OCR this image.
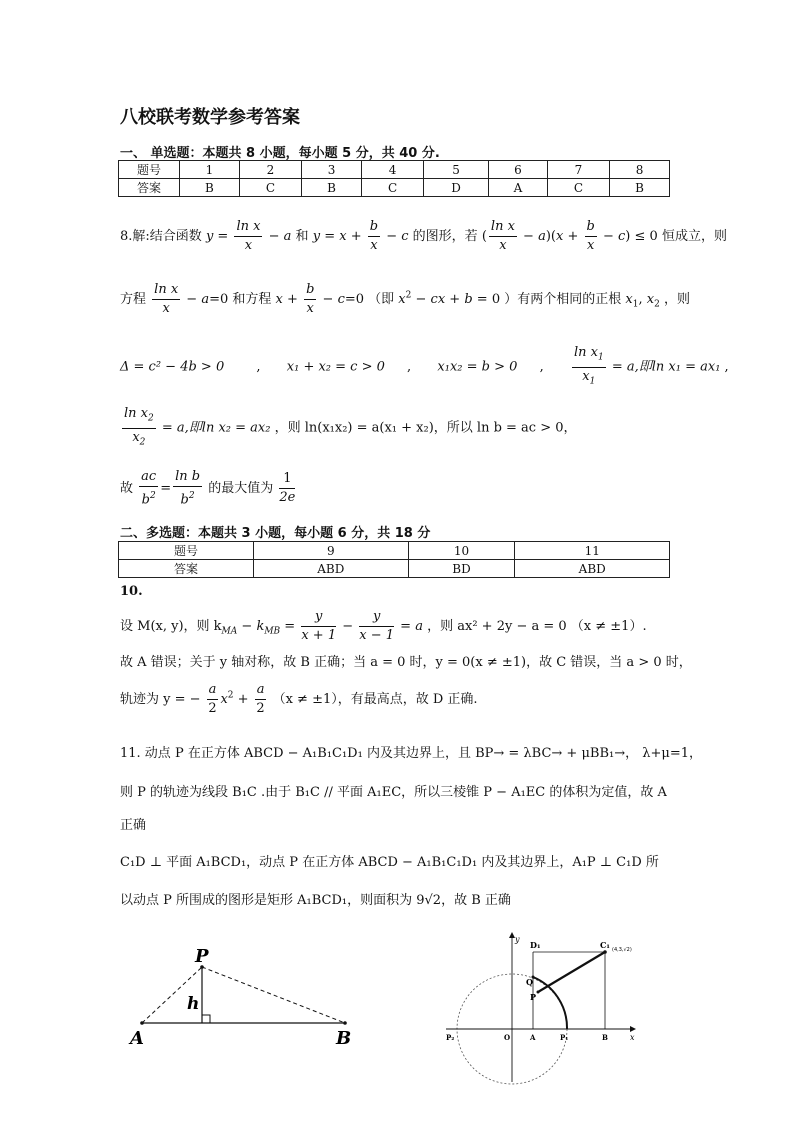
八校联考数学参考答案
一、 单选题：本题共 8 小题，每小题 5 分，共 40 分.
题号	1	2	3	4	5	6	7	8
答案	B	C	B	C	D	A	C	B
8.解:结合函数 $y = \frac{\text{ln x}}{x} - a$ 和 $y = x + \frac{b}{x} - c$ 的图形，若 ( $\frac{\text{ln x}}{x} - a)(x + \frac{b}{x} - c) \le 0$ 恒成立，则
方程 $\frac{\text{ln x}}{x} - a=0$ 和方程 $x + \frac{b}{x} - c=0$ （即 $x^2$ − cx + b = 0 ）有两个相同的正根 $x_1$, $x_2$ ，则
Δ = c² − 4b > 0 ,  x₁ + x₂ = c > 0 ,  x₁x₂ = b > 0 , $\frac{\ln x_1}{x_1} = a$,即ln x₁ = ax₁ ,
$\frac{\ln x_2}{x_2} = a$,即ln x₂ = ax₂ ，则 ln(x₁x₂) = a(x₁ + x₂)，所以 ln b = ac > 0，
故 $\frac{ac}{b^2} = \frac{\text{ln b}}{b^2}$ 的最大值为 $\frac{1}{2e}$
二、多选题：本题共 3 小题，每小题 6 分，共 18 分
题号	9	10	11
答案	ABD	BD	ABD
10.
设 M(x, y)，则 $k_{MA} - k_{MB} = \frac{y}{x + 1} - \frac{y}{x - 1} = a$ ，则 ax² + 2y − a = 0 （x ≠ ±1）.
故 A 错误；关于 y 轴对称，故 B 正确；当 a = 0 时，y = 0(x ≠ ±1)，故 C 错误，当 a > 0 时，
轨迹为 y = − $\frac{a}{2} x^2 + \frac{a}{2} (x \ne \pm 1)$，有最高点，故 D 正确.
11. 动点 P 在正方体 ABCD − A₁B₁C₁D₁ 内及其边界上，且 BP→ = λBC→ + μBB₁→， λ+μ=1，
则 P 的轨迹为线段 B₁C .由于 B₁C // 平面 A₁EC，所以三棱锥 P − A₁EC 的体积为定值，故 A
正确
C₁D ⊥ 平面 A₁BCD₁，动点 P 在正方体 ABCD − A₁B₁C₁D₁ 内及其边界上，A₁P ⊥ C₁D 所
以动点 P 所围成的图形是矩形 A₁BCD₁，则面积为 9√2，故 B 正确
P
h
A	B
y
x
D₁	C₁ (4,3,√2)
Q
P
P₂	O	A	P₁	B
